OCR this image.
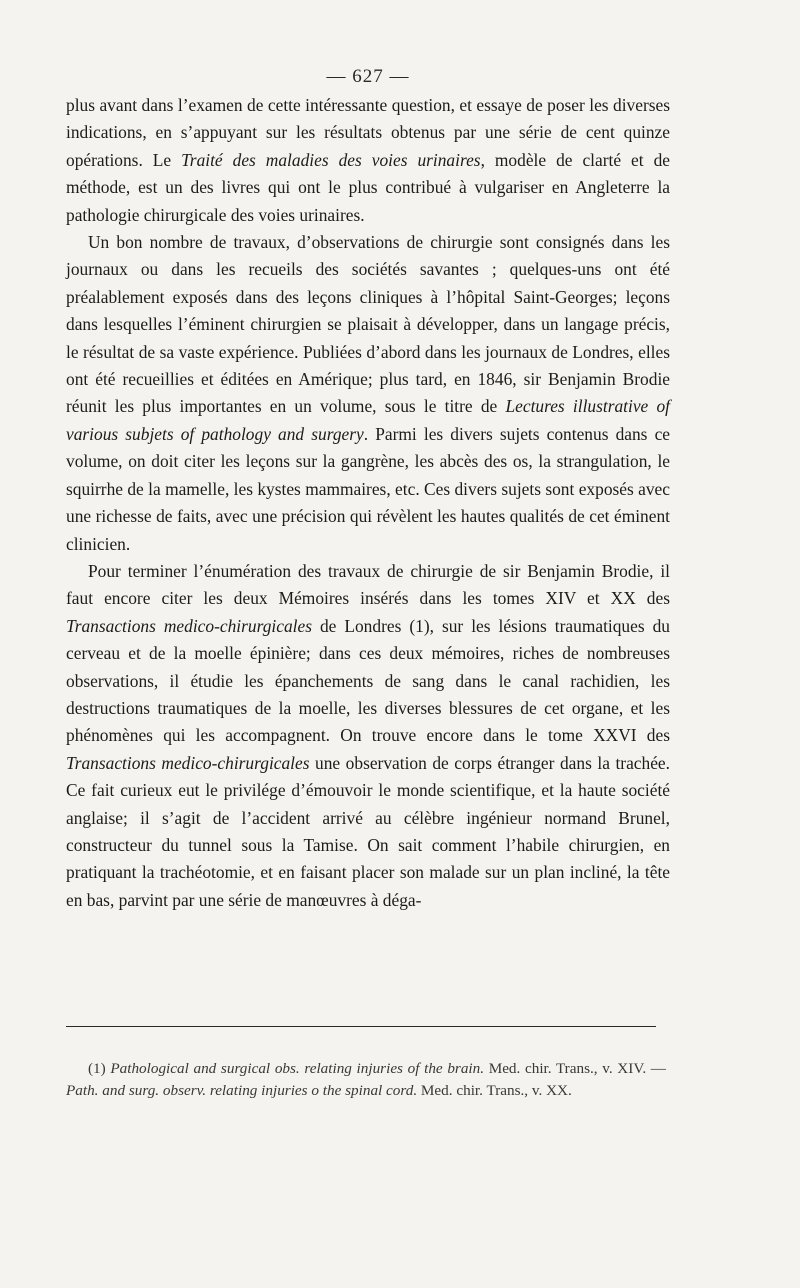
— 627 —

plus avant dans l’examen de cette intéressante question, et essaye de poser les diverses indications, en s’appuyant sur les résultats obtenus par une série de cent quinze opérations. Le Traité des maladies des voies urinaires, modèle de clarté et de méthode, est un des livres qui ont le plus contribué à vulgariser en Angleterre la pathologie chirurgicale des voies urinaires.

Un bon nombre de travaux, d’observations de chirurgie sont consignés dans les journaux ou dans les recueils des sociétés savantes ; quelques-uns ont été préalablement exposés dans des leçons cliniques à l’hôpital Saint-Georges; leçons dans lesquelles l’éminent chirurgien se plaisait à développer, dans un langage précis, le résultat de sa vaste expérience. Publiées d’abord dans les journaux de Londres, elles ont été recueillies et éditées en Amérique; plus tard, en 1846, sir Benjamin Brodie réunit les plus importantes en un volume, sous le titre de Lectures illustrative of various subjets of pathology and surgery. Parmi les divers sujets contenus dans ce volume, on doit citer les leçons sur la gangrène, les abcès des os, la strangulation, le squirrhe de la mamelle, les kystes mammaires, etc. Ces divers sujets sont exposés avec une richesse de faits, avec une précision qui révèlent les hautes qualités de cet éminent clinicien.

Pour terminer l’énumération des travaux de chirurgie de sir Benjamin Brodie, il faut encore citer les deux Mémoires insérés dans les tomes XIV et XX des Transactions medico-chirurgicales de Londres (1), sur les lésions traumatiques du cerveau et de la moelle épinière; dans ces deux mémoires, riches de nombreuses observations, il étudie les épanchements de sang dans le canal rachidien, les destructions traumatiques de la moelle, les diverses blessures de cet organe, et les phénomènes qui les accompagnent. On trouve encore dans le tome XXVI des Transactions medico-chirurgicales une observation de corps étranger dans la trachée. Ce fait curieux eut le privilége d’émouvoir le monde scientifique, et la haute société anglaise; il s’agit de l’accident arrivé au célèbre ingénieur normand Brunel, constructeur du tunnel sous la Tamise. On sait comment l’habile chirurgien, en pratiquant la trachéotomie, et en faisant placer son malade sur un plan incliné, la tête en bas, parvint par une série de manœuvres à déga-

(1) Pathological and surgical obs. relating injuries of the brain. Med. chir. Trans., v. XIV. — Path. and surg. observ. relating injuries o the spinal cord. Med. chir. Trans., v. XX.
